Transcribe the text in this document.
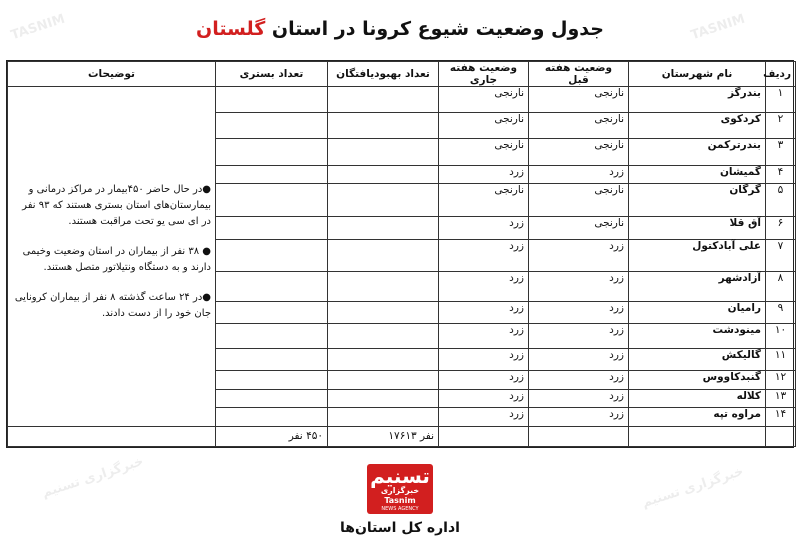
TASNIM
خبرگزاری تسنیم	خبرگزاری تسنیم
TASNIM
جدول وضعیت شیوع کرونا در استان گلستان
ردیف	نام شهرستان	وضعیت هفته قبل	وضعیت هفته جاری	تعداد بهبودیافتگان	تعداد بستری	توضیحات
۱	بندرگز	نارنجی	نارنجی			●در حال حاضر ۴۵۰بیمار در مراکز درمانی و بیمارستان‌های استان بستری هستند که ۹۳ نفر در ای سی یو تحت مراقبت هستند.
● ۳۸ نفر از بیماران در استان وضعیت وخیمی دارند و به دستگاه ونتیلاتور متصل هستند.
●در ۲۴ ساعت گذشته ۸ نفر از بیماران کرونایی جان خود را از دست دادند.

۲	کردکوی	نارنجی	نارنجی			
۳	بندرترکمن	نارنجی	نارنجی			
۴	گمیشان	زرد	زرد			
۵	گرگان	نارنجی	نارنجی			
۶	آق قلا	نارنجی	زرد			
۷	علی آبادکتول	زرد	زرد			
۸	آزادشهر	زرد	زرد			
۹	رامیان	زرد	زرد			
۱۰	مینودشت	زرد	زرد			
۱۱	گالیکش	زرد	زرد			
۱۲	گنبدکاووس	زرد	زرد			
۱۳	کلاله	زرد	زرد			
۱۴	مراوه تپه	زرد	زرد			
				نفر ۱۷۶۱۳	۴۵۰ نفر	
تسنیم
خبرگزاری
Tasnim
NEWS AGENCY
اداره کل استان‌ها
